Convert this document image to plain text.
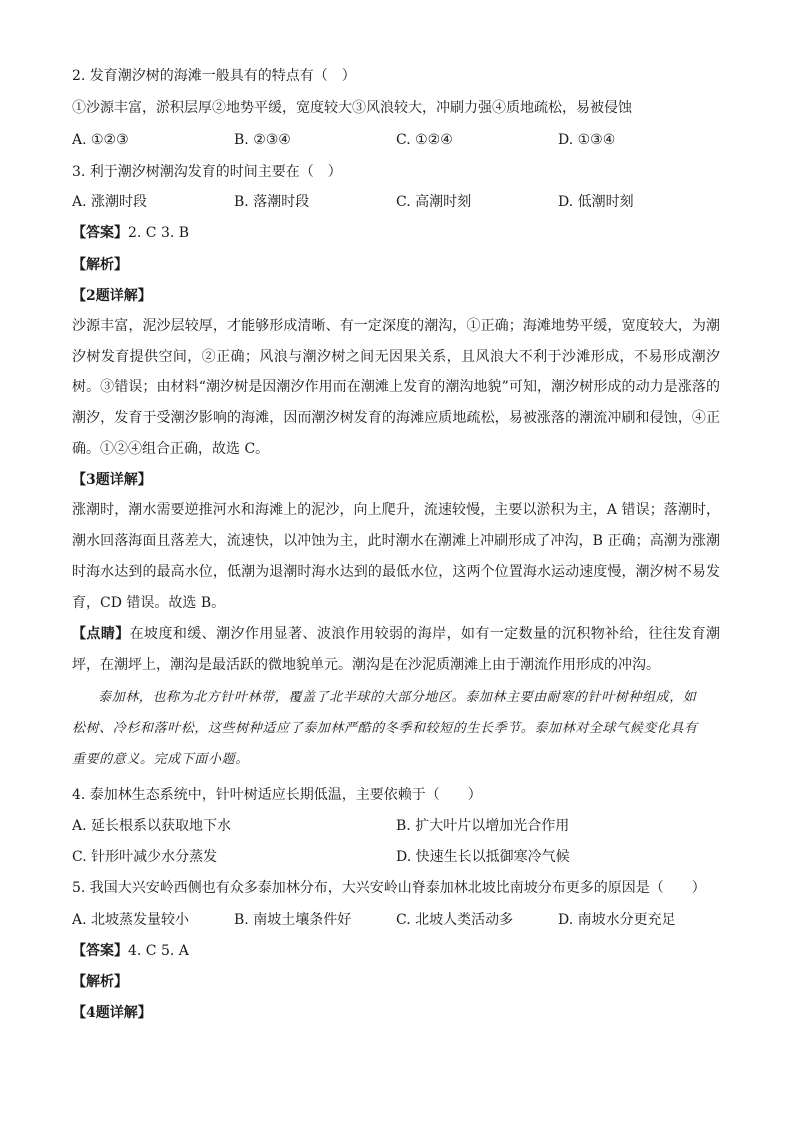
2. 发育潮汐树的海滩一般具有的特点有（　）
①沙源丰富，淤积层厚②地势平缓，宽度较大③风浪较大，冲刷力强④质地疏松，易被侵蚀
A. ①②③	B. ②③④	C. ①②④	D. ①③④
3. 利于潮汐树潮沟发育的时间主要在（　）
A. 涨潮时段	B. 落潮时段	C. 高潮时刻	D. 低潮时刻
【答案】2. C 3. B
【解析】
【2题详解】
沙源丰富，泥沙层较厚，才能够形成清晰、有一定深度的潮沟，①正确；海滩地势平缓，宽度较大，为潮
汐树发育提供空间，②正确；风浪与潮汐树之间无因果关系，且风浪大不利于沙滩形成，不易形成潮汐
树。③错误；由材料“潮汐树是因潮汐作用而在潮滩上发育的潮沟地貌”可知，潮汐树形成的动力是涨落的
潮汐，发育于受潮汐影响的海滩，因而潮汐树发育的海滩应质地疏松，易被涨落的潮流冲刷和侵蚀，④正
确。①②④组合正确，故选 C。
【3题详解】
涨潮时，潮水需要逆推河水和海滩上的泥沙，向上爬升，流速较慢，主要以淤积为主，A 错误；落潮时，
潮水回落海面且落差大，流速快，以冲蚀为主，此时潮水在潮滩上冲刷形成了冲沟，B 正确；高潮为涨潮
时海水达到的最高水位，低潮为退潮时海水达到的最低水位，这两个位置海水运动速度慢，潮汐树不易发
育，CD 错误。故选 B。
【点睛】在坡度和缓、潮汐作用显著、波浪作用较弱的海岸，如有一定数量的沉积物补给，往往发育潮
坪，在潮坪上，潮沟是最活跃的微地貌单元。潮沟是在沙泥质潮滩上由于潮流作用形成的冲沟。
泰加林，也称为北方针叶林带，覆盖了北半球的大部分地区。泰加林主要由耐寒的针叶树种组成，如
松树、冷杉和落叶松，这些树种适应了泰加林严酷的冬季和较短的生长季节。泰加林对全球气候变化具有
重要的意义。完成下面小题。
4. 泰加林生态系统中，针叶树适应长期低温，主要依赖于（　　）
A. 延长根系以获取地下水	B. 扩大叶片以增加光合作用
C. 针形叶减少水分蒸发	D. 快速生长以抵御寒冷气候
5. 我国大兴安岭西侧也有众多泰加林分布，大兴安岭山脊泰加林北坡比南坡分布更多的原因是（　　）
A. 北坡蒸发量较小	B. 南坡土壤条件好	C. 北坡人类活动多	D. 南坡水分更充足
【答案】4. C 5. A
【解析】
【4题详解】
